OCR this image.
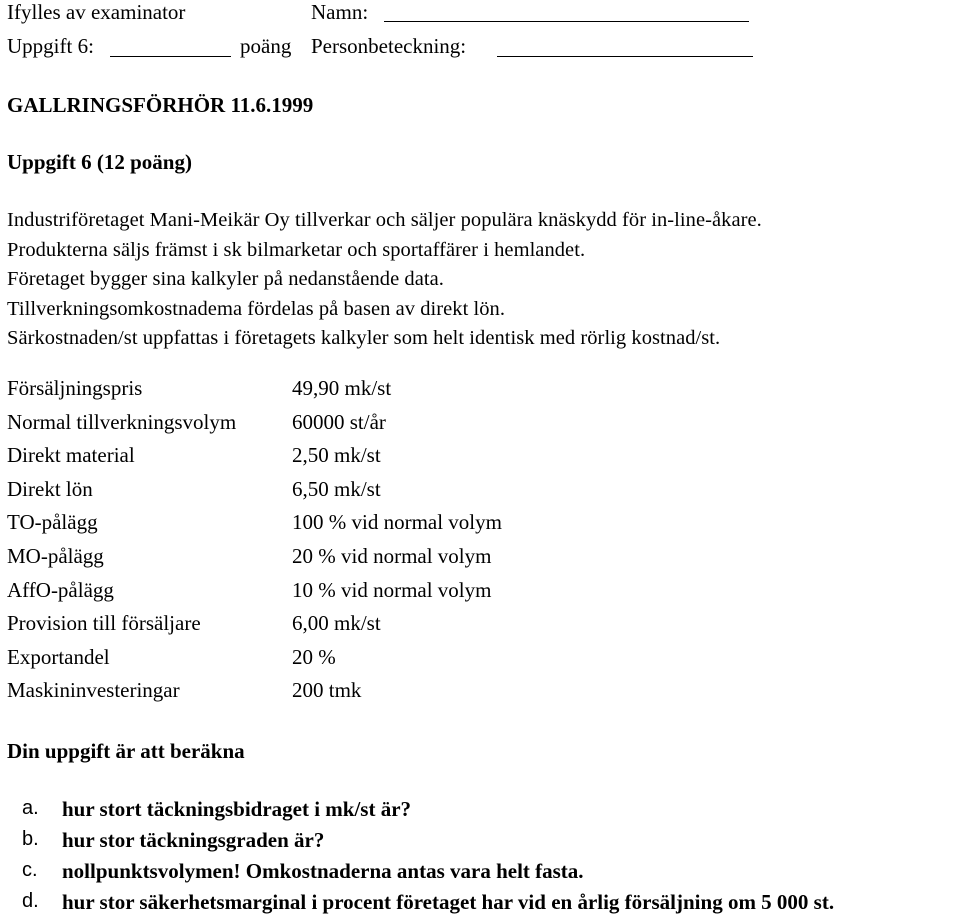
Ifylles av examinator	Namn:
Uppgift 6:	poäng Personbeteckning:
GALLRINGSFÖRHÖR 11.6.1999
Uppgift 6 (12 poäng)
Industriföretaget Mani-Meikär Oy tillverkar och säljer populära knäskydd för in-line-åkare.
Produkterna säljs främst i sk bilmarketar och sportaffärer i hemlandet.
Företaget bygger sina kalkyler på nedanstående data.
Tillverkningsomkostnadema fördelas på basen av direkt lön.
Särkostnaden/st uppfattas i företagets kalkyler som helt identisk med rörlig kostnad/st.
Försäljningspris	49,90 mk/st
Normal tillverkningsvolym	60000 st/år
Direkt material	2,50 mk/st
Direkt lön	6,50 mk/st
TO-pålägg	100 % vid normal volym
MO-pålägg	20 % vid normal volym
AffO-pålägg	10 % vid normal volym
Provision till försäljare	6,00 mk/st
Exportandel	20 %
Maskininvesteringar	200 tmk
Din uppgift är att beräkna
a. hur stort täckningsbidraget i mk/st är?
b. hur stor täckningsgraden är?
c. nollpunktsvolymen! Omkostnaderna antas vara helt fasta.
d. hur stor säkerhetsmarginal i procent företaget har vid en årlig försäljning om 5 000 st.
